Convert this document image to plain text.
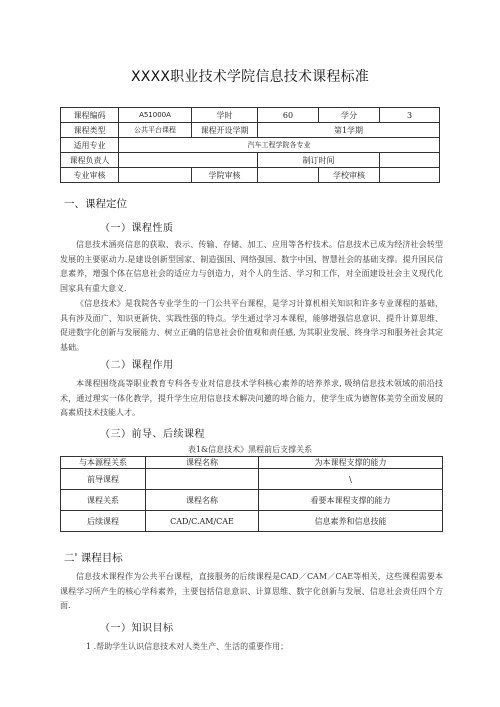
XXXX职业技术学院信息技术课程标准
课程编码	A51000A	学时	60	学分	3
课程类型	公共平台课程	课程开设学期	第1学期		
适用专业	汽车工程学院各专业				
课程负责人			制订时间		
专业审核		学院审核		学校审核	
一、课程定位
（一）课程性质
信息技术涵亮信息的获取、表示、传输、存储、加工、应用等各柠技术。信息技术已成为经济社会转型发展的主要驱动力.是建设创新型国家、制造强国、网络强国、数字中国、智慧社会的基础支撑。提升国民信息素养，增强个体在信息社会的适应力与创造力，对个人的生活、学习和工作，对全面建设社会主义现代化国家具有重大意义.
《信息技术》是我院各专业学生的一门公共平台课程，是学习计算机相关知识和许多专业课程的基础，具有涉及面广、知识更新快、实践性强的特点。学生通过学习本课程，能够增强信息意识、提升计算思维、促进数字化创新与发展能力、树立正确的信息社会价值观和责任感, 为其职业发展、终身学习和服务社会其定基础。
（二）课程作用
本课程围绕高等职业教育专科各专业对信息技术学科核心素养的培养养求, 吸纳信息技术领域的前沿技术，通过理实一体化教学，提升学生应用信息技术解决问邀的埠合能力，使学生成为德智体美劳全面发展的高素质技术技能人才。
（三）前导、后续课程
表1&信息技术》黑程前后支撑关系
与本源程关系	课程名称	为本课程支撑的能力
前导课程		\
课程关系	课程名称	看要本课程支撑的能力
后续课程	CAD/C.AM/CAE	信息素养和信息技能
二' 课程目标
信息技术课程作为公共平台课程，直接服务的后续课程是CAD／CAM／CAE等相关，这些课程需要本课程学习所产生的核心学科素养，主要包括信息意识、计算思维、数字化创新与发展、信息社会责任四个方面.
（一）知识目标
1 .帮助学生认识信息技术对人类生产、生活的重要作用；
